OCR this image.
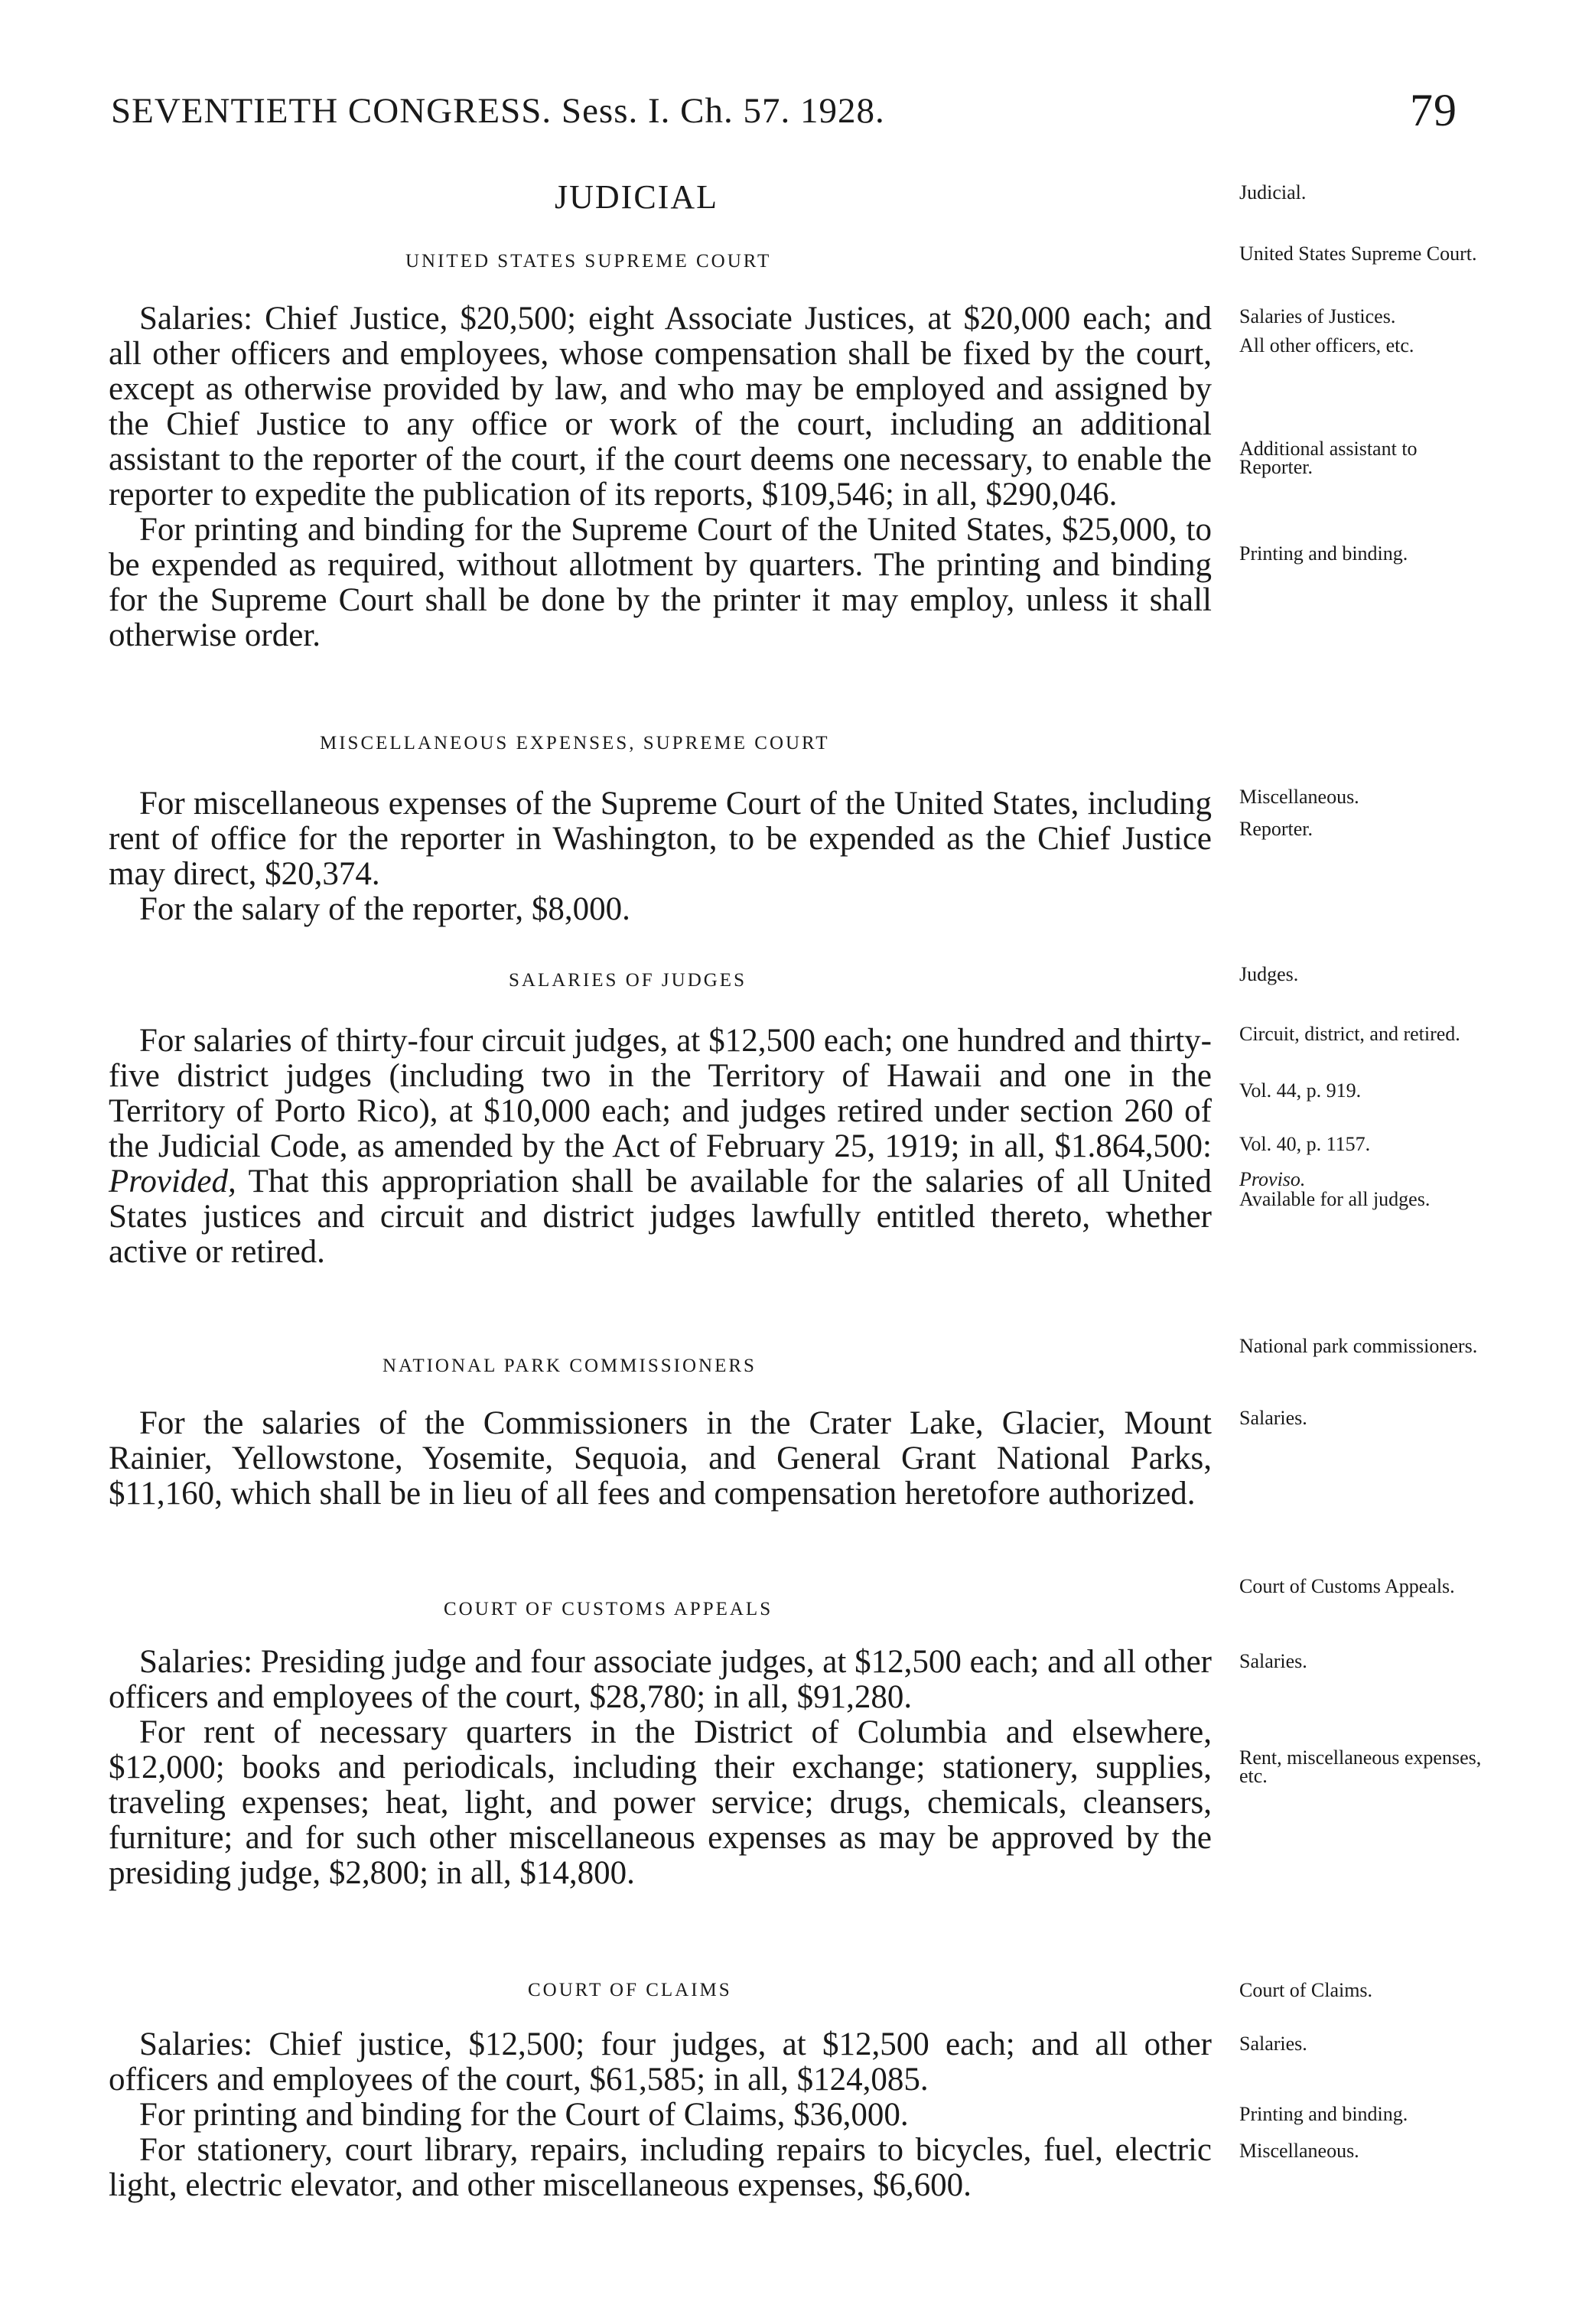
SEVENTIETH CONGRESS. Sess. I. Ch. 57. 1928.	79
JUDICIAL
UNITED STATES SUPREME COURT

Salaries: Chief Justice, $20,500; eight Associate Justices, at $20,000 each; and all other officers and employees, whose compensation shall be fixed by the court, except as otherwise provided by law, and who may be employed and assigned by the Chief Justice to any office or work of the court, including an additional assistant to the reporter of the court, if the court deems one necessary, to enable the reporter to expedite the publication of its reports, $109,546; in all, $290,046.

For printing and binding for the Supreme Court of the United States, $25,000, to be expended as required, without allotment by quarters. The printing and binding for the Supreme Court shall be done by the printer it may employ, unless it shall otherwise order.

MISCELLANEOUS EXPENSES, SUPREME COURT

For miscellaneous expenses of the Supreme Court of the United States, including rent of office for the reporter in Washington, to be expended as the Chief Justice may direct, $20,374.

For the salary of the reporter, $8,000.

SALARIES OF JUDGES

For salaries of thirty-four circuit judges, at $12,500 each; one hundred and thirty-five district judges (including two in the Territory of Hawaii and one in the Territory of Porto Rico), at $10,000 each; and judges retired under section 260 of the Judicial Code, as amended by the Act of February 25, 1919; in all, $1.864,500: Provided, That this appropriation shall be available for the salaries of all United States justices and circuit and district judges lawfully entitled thereto, whether active or retired.

NATIONAL PARK COMMISSIONERS

For the salaries of the Commissioners in the Crater Lake, Glacier, Mount Rainier, Yellowstone, Yosemite, Sequoia, and General Grant National Parks, $11,160, which shall be in lieu of all fees and compensation heretofore authorized.

COURT OF CUSTOMS APPEALS

Salaries: Presiding judge and four associate judges, at $12,500 each; and all other officers and employees of the court, $28,780; in all, $91,280.

For rent of necessary quarters in the District of Columbia and elsewhere, $12,000; books and periodicals, including their exchange; stationery, supplies, traveling expenses; heat, light, and power service; drugs, chemicals, cleansers, furniture; and for such other miscellaneous expenses as may be approved by the presiding judge, $2,800; in all, $14,800.

COURT OF CLAIMS

Salaries: Chief justice, $12,500; four judges, at $12,500 each; and all other officers and employees of the court, $61,585; in all, $124,085.

For printing and binding for the Court of Claims, $36,000.

For stationery, court library, repairs, including repairs to bicycles, fuel, electric light, electric elevator, and other miscellaneous expenses, $6,600.

Judicial.
United States Supreme Court.
Salaries of Justices.
All other officers, etc.
Additional assistant to Reporter.
Printing and binding.
Miscellaneous.
Reporter.
Judges.
Circuit, district, and retired.
Vol. 44, p. 919.
Vol. 40, p. 1157.
Proviso.
Available for all judges.
National park commissioners.
Salaries.
Court of Customs Appeals.
Salaries.
Rent, miscellaneous expenses, etc.
Court of Claims.
Salaries.
Printing and binding.
Miscellaneous.
